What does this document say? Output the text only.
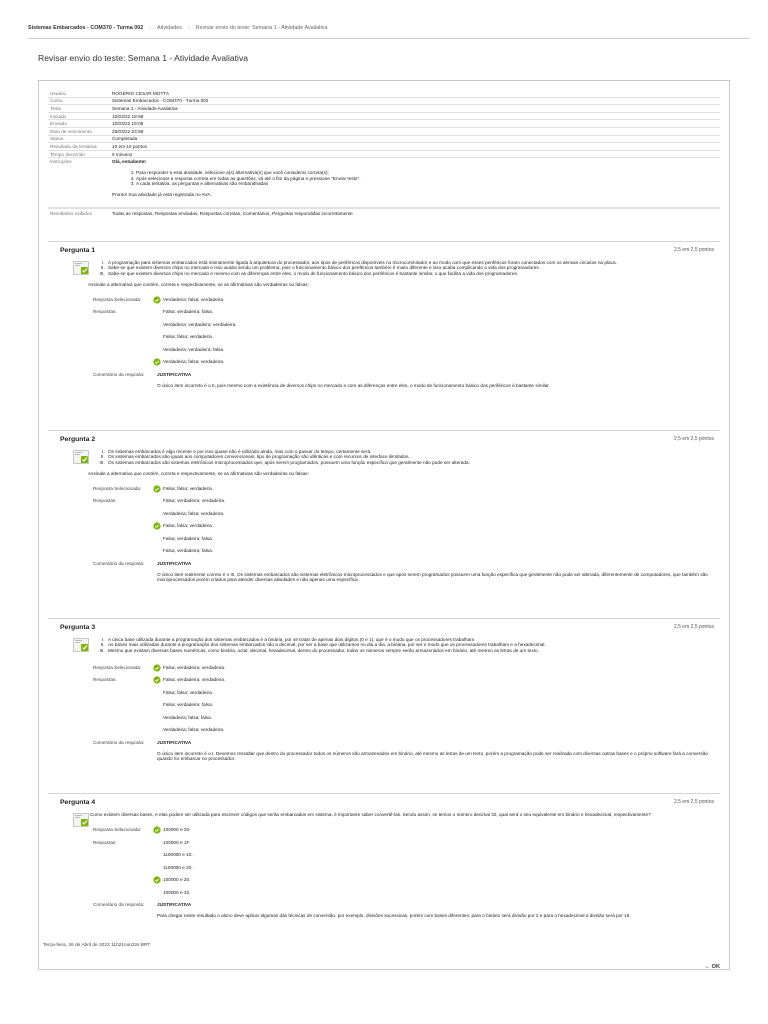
Sistemas Embarcados - COM370 - Turma 002 › Atividades › Revisar envio do teste: Semana 1 - Atividade Avaliativa
Revisar envio do teste: Semana 1 - Atividade Avaliativa
Usuário	ROGERIO CESAR MOTTA
Curso	Sistemas Embarcados - COM370 - Turma 002
Teste	Semana 1 - Atividade Avaliativa
Iniciado	10/03/22 18:58
Enviado	10/03/22 19:05
Data de vencimento	25/03/22 23:59
Status	Completada
Resultado da tentativa	10 em 10 pontos
Tempo decorrido	5 minutos
Instruções	Olá, estudante!
1. Para responder a esta atividade, selecione a(s) alternativa(s) que você considerar correta(s);
2. Após selecionar a resposta correta em todas as questões, vá até o fim da página e pressione "Enviar teste".
3. A cada tentativa, as perguntas e alternativas são embaralhadas
Pronto! Sua atividade já está registrada no AVA.
Resultados exibidos	Todas as respostas, Respostas enviadas, Respostas corretas, Comentários, Perguntas respondidas incorretamente
Pergunta 1	2,5 em 2,5 pontos
I. A programação para sistemas embarcados está intimamente ligada à arquitetura do processador, aos tipos de periféricos disponíveis no microcontrolador e ao modo com que esses periféricos foram conectados com os demais circuitos na placa.
II. Sabe-se que existem diversos chips no mercado e isso acaba sendo um problema, pois o funcionamento básico dos periféricos também é muito diferente e isso acaba complicando a vida dos programadores.
III. Sabe-se que existem diversos chips no mercado e mesmo com as diferenças entre eles, o modo de funcionamento básico dos periféricos é bastante similar, o que facilita a vida dos programadores.
Assinale a alternativa que contém, correta e respectivamente, se as afirmativas são verdadeiras ou falsas:
Resposta Selecionada:	Verdadeira; falsa; verdadeira.
Respostas:	Falsa; verdadeira; falsa.
Verdadeira; verdadeira; verdadeira.
Falsa; falsa; verdadeira.
Verdadeira; verdadeira; falsa.
Verdadeira; falsa; verdadeira.
Comentário da resposta:	JUSTIFICATIVA
O único item incorreto é o II, pois mesmo com a existência de diversos chips no mercado e com as diferenças entre eles, o modo de funcionamento básico dos periféricos é bastante similar.
Pergunta 2	2,5 em 2,5 pontos
I. Os sistemas embarcados é algo recente e por isso quase não é utilizado ainda, mas com o passar do tempo, certamente será.
II. Os sistemas embarcados são iguais aos computadores convencionais, tipo de programação são idênticas e com recursos de interface ilimitados.
III. Os sistemas embarcados são sistemas eletrônicos microprocessados que, após serem programados, possuem uma função específica que geralmente não pode ser alterada.
Assinale a alternativa que contém, correta e respectivamente, se as afirmativas são verdadeiras ou falsas:
Resposta Selecionada:	Falsa; falsa; verdadeira.
Respostas:	Falsa; verdadeira; verdadeira.
Verdadeira; falsa; verdadeira.
Falsa; falsa; verdadeira.
Falsa; verdadeira; falsa.
Falsa; verdadeira; falsa.
Comentário da resposta:	JUSTIFICATIVA
O único item realmente correto é o III. Os sistemas embarcados são sistemas eletrônicos microprocessados e que após serem programados possuem uma função específica que geralmente não pode ser alterada, diferentemente de computadores, que também são microprocessados porém criados para atender diversas atividades e não apenas uma específica.
Pergunta 3	2,5 em 2,5 pontos
I. A única base utilizada durante a programação dos sistemas embarcados é a binária, por se tratar de apenas dois dígitos (0 e 1), que é o modo que os processadores trabalham.
II. As bases mais utilizadas durante a programação dos sistemas embarcados são a decimal, por ser a base que utilizamos no dia a dia, a binária, por ser o modo que os processadores trabalham e a hexadecimal.
III. Mesmo que existam diversas bases numéricas, como binária, octal, decimal, hexadecimal, dentro do processador, todos os números sempre serão armazenados em binário, até mesmo as letras de um texto.
Resposta Selecionada:	Falsa; verdadeira; verdadeira.
Respostas:	Falsa; verdadeira; verdadeira.
Falsa; falsa; verdadeira.
Falsa; verdadeira; falsa.
Verdadeira; falsa; falsa.
Verdadeira; falsa; verdadeira.
Comentário da resposta:	JUSTIFICATIVA
O único item incorreto é o I, Devemos ressaltar que dentro do processador todos os números são armazenados em binário, até mesmo as letras de um texto, porém a programação pode ser realizada com diversas outras bases e o próprio software fará a conversão quando for embarcar no processador.
Pergunta 4	2,5 em 2,5 pontos
Como existem diversas bases, e elas podem ser utilizada para escrever códigos que serão embarcados em sistema, é importante saber convertê-las. Sendo assim, se temos o número decimal 32, qual será o seu equivalente em binário e hexadecimal, respectivamente?
Resposta Selecionada:	100000 e 20.
Respostas:	100000 e 1F.
1100000 e 10.
1100000 e 20.
100000 e 20.
100000 e 32.
Comentário da resposta:	JUSTIFICATIVA
Para chegar neste resultado o aluno deve aplicar algumas das técnicas de conversão, por exemplo, divisões sucessivas, porém com bases diferentes; para o binário será divisão por 2 e para o hexadecimal a divisão será por 16.
Terça-feira, 26 de Abril de 2022 11h21min22s BRT
← OK
